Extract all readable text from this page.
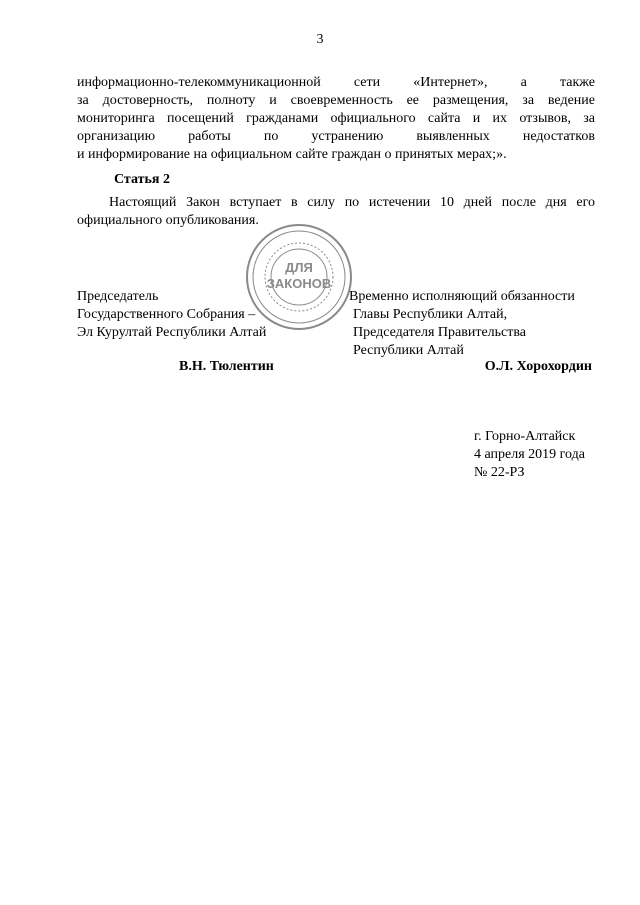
3

информационно-телекоммуникационной сети «Интернет», а также

за достоверность, полноту и своевременность ее размещения, за ведение

мониторинга посещений гражданами официального сайта и их отзывов, за

организацию работы по устранению выявленных недостатков

и информирование на официальном сайте граждан о принятых мерах;».

Статья 2

Настоящий Закон вступает в силу по истечении 10 дней после дня его

официального опубликования.

ДЛЯ
ЗАКОНОВ
Председатель
Государственного Собрания –
Эл Курултай Республики Алтай
Временно исполняющий обязанности
Главы Республики Алтай,
Председателя Правительства
Республики Алтай
В.Н. Тюлентин	О.Л. Хорохордин
г. Горно-Алтайск
4 апреля 2019 года
№ 22-РЗ
